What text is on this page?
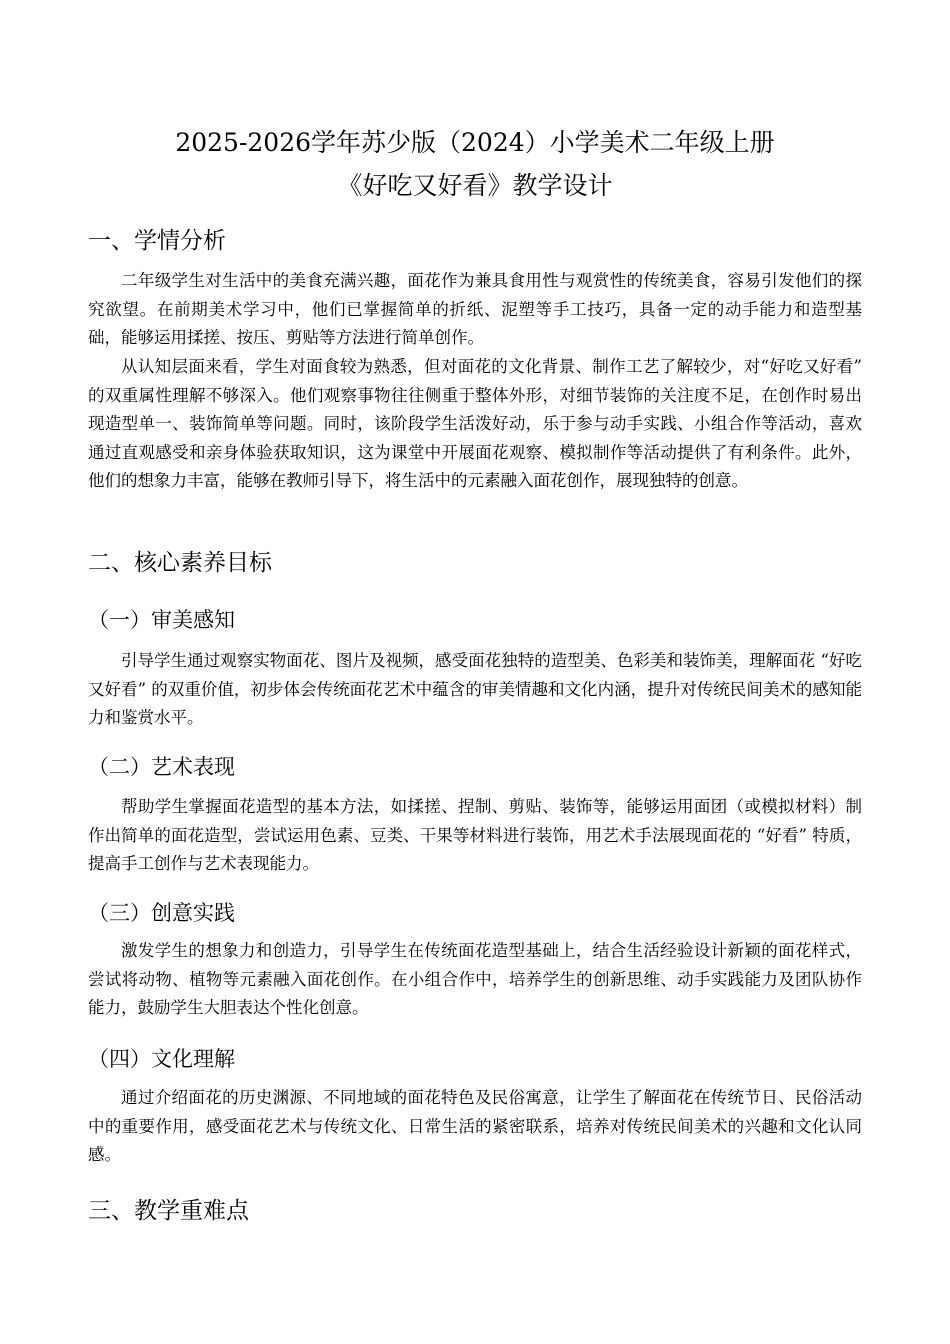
2025-2026学年苏少版（2024）小学美术二年级上册
《好吃又好看》教学设计
一、学情分析

二年级学生对生活中的美食充满兴趣，面花作为兼具食用性与观赏性的传统美食，容易引发他们的探究欲望。在前期美术学习中，他们已掌握简单的折纸、泥塑等手工技巧，具备一定的动手能力和造型基础，能够运用揉搓、按压、剪贴等方法进行简单创作。

从认知层面来看，学生对面食较为熟悉，但对面花的文化背景、制作工艺了解较少，对“好吃又好看” 的双重属性理解不够深入。他们观察事物往往侧重于整体外形，对细节装饰的关注度不足，在创作时易出现造型单一、装饰简单等问题。同时，该阶段学生活泼好动，乐于参与动手实践、小组合作等活动，喜欢通过直观感受和亲身体验获取知识，这为课堂中开展面花观察、模拟制作等活动提供了有利条件。此外，他们的想象力丰富，能够在教师引导下，将生活中的元素融入面花创作，展现独特的创意。

二、核心素养目标
（一）审美感知

引导学生通过观察实物面花、图片及视频，感受面花独特的造型美、色彩美和装饰美，理解面花 “好吃又好看” 的双重价值，初步体会传统面花艺术中蕴含的审美情趣和文化内涵，提升对传统民间美术的感知能力和鉴赏水平。

（二）艺术表现

帮助学生掌握面花造型的基本方法，如揉搓、捏制、剪贴、装饰等，能够运用面团（或模拟材料）制作出简单的面花造型，尝试运用色素、豆类、干果等材料进行装饰，用艺术手法展现面花的 “好看” 特质，提高手工创作与艺术表现能力。

（三）创意实践

激发学生的想象力和创造力，引导学生在传统面花造型基础上，结合生活经验设计新颖的面花样式，尝试将动物、植物等元素融入面花创作。在小组合作中，培养学生的创新思维、动手实践能力及团队协作能力，鼓励学生大胆表达个性化创意。

（四）文化理解

通过介绍面花的历史渊源、不同地域的面花特色及民俗寓意，让学生了解面花在传统节日、民俗活动中的重要作用，感受面花艺术与传统文化、日常生活的紧密联系，培养对传统民间美术的兴趣和文化认同感。

三、教学重难点
